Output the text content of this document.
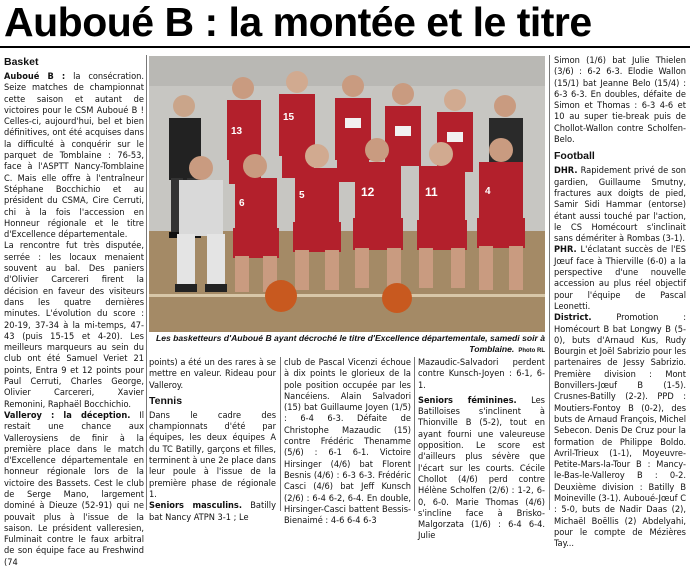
Auboué B : la montée et le titre
Basket

Auboué B : la consécration. Seize matches de championnat cette saison et autant de victoires pour le CSM Auboué B ! Celles-ci, aujourd'hui, bel et bien définitives, ont été acquises dans la difficulté à conquérir sur le parquet de Tomblaine : 76-53, face à l'ASPTT Nancy-Tomblaine C. Mais elle offre à l'entraîneur Stéphane Bocchichio et au président du CSMA, Cire Cerruti, chi à la fois l'accession en Honneur régionale et le titre d'Excellence départementale.

La rencontre fut très disputée, serrée : les locaux menaient souvent au bal. Des paniers d'Olivier Carcereri firent la décision en faveur des visiteurs dans les quatre dernières minutes. L'évolution du score : 20-19, 37-34 à la mi-temps, 47-43 (puis 15-15 et 4-20). Les meilleurs marqueurs au sein du club ont été Samuel Veriet 21 points, Entra 9 et 12 points pour Paul Cerruti, Charles George, Olivier Carcereri, Xavier Remonini, Raphaël Bocchichio.

Valleroy : la déception. Il restait une chance aux Valleroysiens de finir à la première place dans le match d'Excellence départementale en honneur régionale lors de la victoire des Bassets. Cest le club de Serge Mano, largement dominé à Dieuze (52-91) qui ne pouvait plus à l'issue de la saison. Le président valleresien, Fulminait contre le faux arbitral de son équipe face au Freshwind (74

13
15
6
5	12	11	4
Les basketteurs d'Auboué B ayant décroché le titre d'Excellence départementale, samedi soir à Tomblaine. Photo RL

points) a été un des rares à se mettre en valeur. Rideau pour Valleroy.

Tennis

Dans le cadre des championnats d'été par équipes, les deux équipes A du TC Batilly, garçons et filles, terminent à une 2e place dans leur poule à l'issue de la première phase de régionale 1.

Seniors masculins. Batilly bat Nancy ATPN 3-1 ; Le

club de Pascal Vicenzi échoue à dix points le glorieux de la pole position occupée par les Nancéiens. Alain Salvadori (15) bat Guillaume Joyen (1/5) : 6-4 6-3. Défaite de Christophe Mazaudic (15) contre Frédéric Thenamme (5/6) : 6-1 6-1. Victoire Hirsinger (4/6) bat Florent Besnis (4/6) : 6-3 6-3. Frédéric Casci (4/6) bat Jeff Kunsch (2/6) : 6-4 6-2, 6-4. En double, Hirsinger-Casci battent Bessis-Bienaimé : 4-6 6-4 6-3

Mazaudic-Salvadori perdent contre Kunsch-Joyen : 6-1, 6-1.

Seniors féminines. Les Batilloises s'inclinent à Thionville B (5-2), tout en ayant fourni une valeureuse opposition. Le score est d'ailleurs plus sévère que l'écart sur les courts. Cécile Chollot (4/6) perd contre Hélène Scholfen (2/6) : 1-2, 6-0, 6-0. Marie Thomas (4/6) s'incline face à Brisko-Malgorzata (1/6) : 6-4 6-4. Julie

Simon (1/6) bat Julie Thielen (3/6) : 6-2 6-3. Elodie Wallon (15/1) bat Jeanne Belo (15/4) : 6-3 6-3. En doubles, défaite de Simon et Thomas : 6-3 4-6 et 10 au super tie-break puis de Chollot-Wallon contre Scholfen-Belo.

Football

DHR. Rapidement privé de son gardien, Guillaume Smutny, fractures aux doigts de pied, Samir Sidi Hammar (entorse) étant aussi touché par l'action, le CS Homécourt s'inclinait sans démériter à Rombas (3-1).

PHR. L'éclatant succès de l'ES Jœuf face à Thierville (6-0) a la perspective d'une nouvelle accession au plus réel objectif pour l'équipe de Pascal Leonetti.

District.	Promotion : Homécourt B bat Longwy B (5-0), buts d'Arnaud Kus, Rudy Bourgin et Joël Sabrizio pour les partenaires de Jessy Sabrizio. Première division : Mont Bonvillers-Jœuf B (1-5). Crusnes-Batilly (2-2). PPD : Moutiers-Fontoy B (0-2), des buts de Arnaud François, Michel Sebecon. Denis De Cruz pour la formation de Philippe Boldo. Avril-Trieux (1-1), Moyeuvre-Petite-Mars-la-Tour B : Mancy-le-Bas-le-Valleroy B : 0-2. Deuxième division : Batilly B Moineville (3-1). Auboué-Jœuf C : 5-0, buts de Nadir Daas (2), Michaël Boëllis (2) Abdelyahi, pour le compte de Mézières Tay...
